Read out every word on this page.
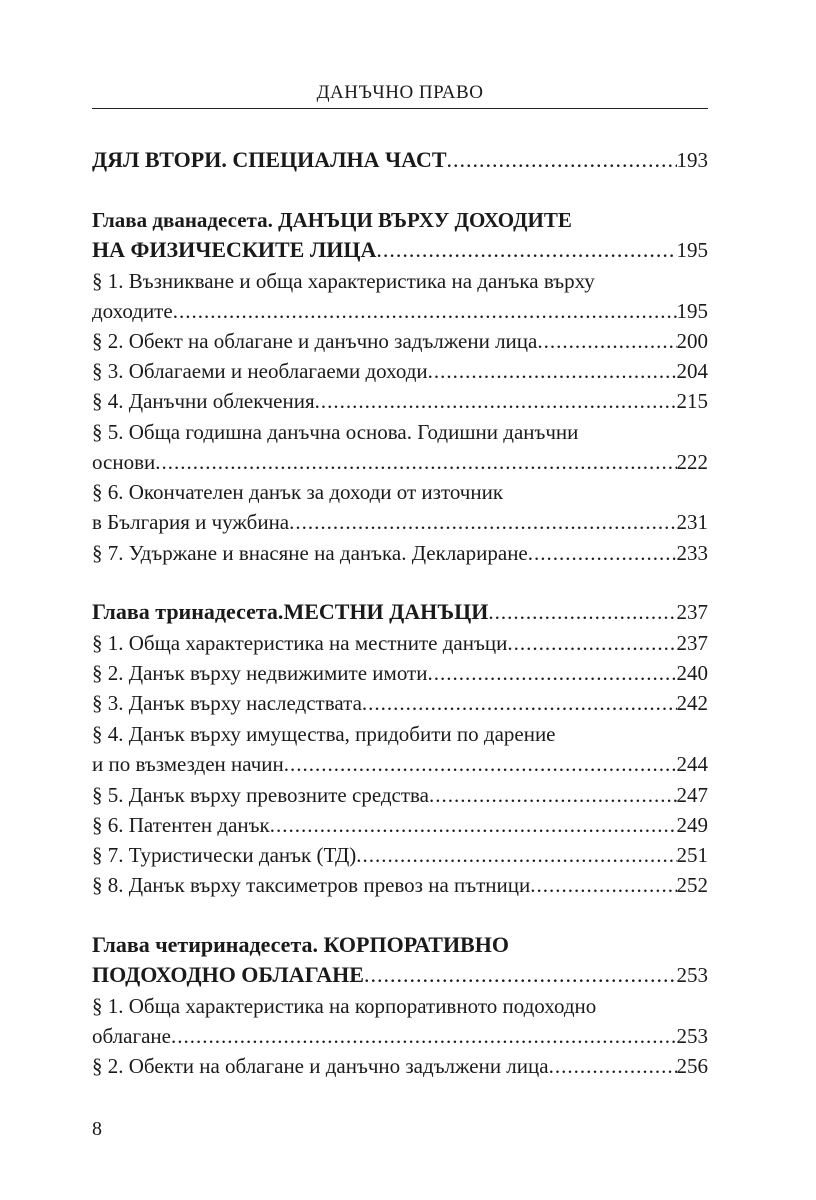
ДАНЪЧНО ПРАВО
ДЯЛ ВТОРИ. СПЕЦИАЛНА ЧАСТ .....	193
Глава дванадесета. ДАНЪЦИ ВЪРХУ ДОХОДИТЕ
НА ФИЗИЧЕСКИТЕ ЛИЦА .....	195
§ 1. Възникване и обща характеристика на данъка върху
доходите .....	195
§ 2. Обект на облагане и данъчно задължени лица .....	200
§ 3. Облагаеми и необлагаеми доходи .....	204
§ 4. Данъчни облекчения .....	215
§ 5. Обща годишна данъчна основа. Годишни данъчни
основи .....	222
§ 6. Окончателен данък за доходи от източник
в България и чужбина .....	231
§ 7. Удържане и внасяне на данъка. Деклариране .....	233
Глава тринадесета. МЕСТНИ ДАНЪЦИ .....	237
§ 1. Обща характеристика на местните данъци .....	237
§ 2. Данък върху недвижимите имоти .....	240
§ 3. Данък върху наследствата .....	242
§ 4. Данък върху имущества, придобити по дарение
и по възмезден начин .....	244
§ 5. Данък върху превозните средства .....	247
§ 6. Патентен данък .....	249
§ 7. Туристически данък (ТД) .....	251
§ 8. Данък върху таксиметров превоз на пътници .....	252
Глава четиринадесета. КОРПОРАТИВНО
ПОДОХОДНО ОБЛАГАНЕ .....	253
§ 1. Обща характеристика на корпоративното подоходно
облагане .....	253
§ 2. Обекти на облагане и данъчно задължени лица .....	256
8
